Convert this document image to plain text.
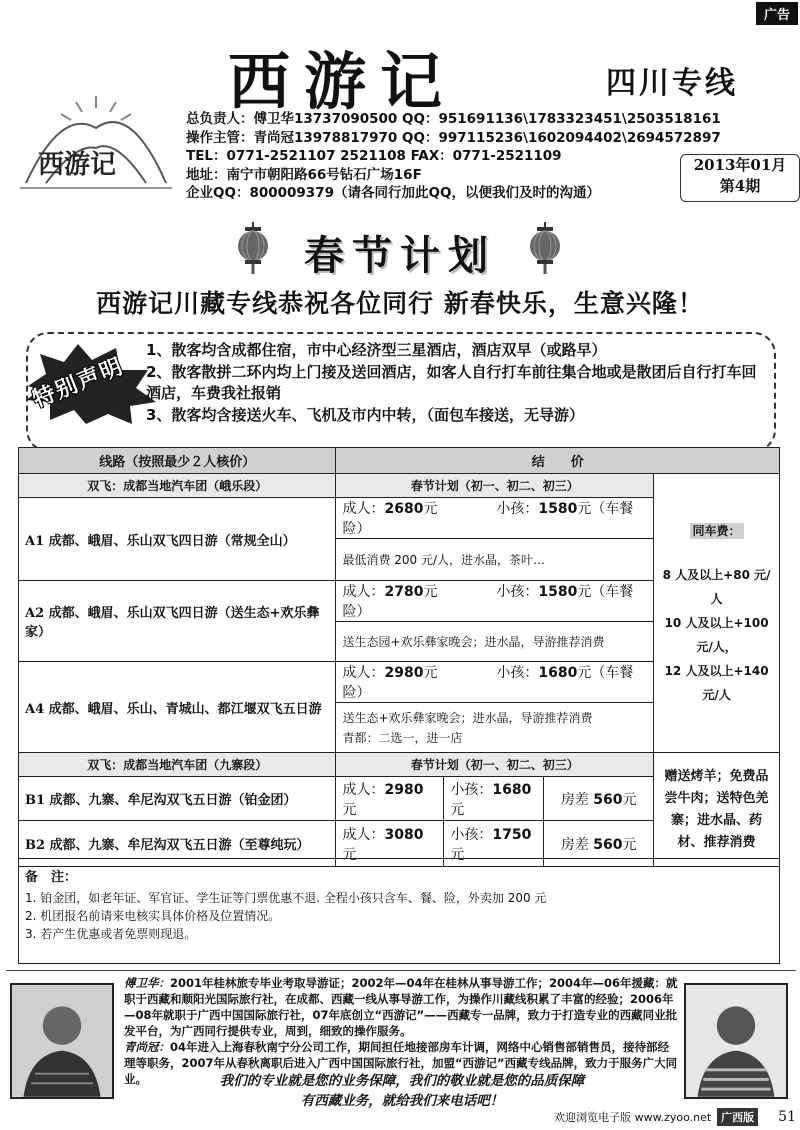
广告
西游记
西游记	四川专线
总负责人：傅卫华13737090500 QQ：951691136\1783323451\2503518161
操作主管：青尚冠13978817970 QQ：997115236\1602094402\2694572897
TEL：0771-2521107 2521108 FAX：0771-2521109
地址：南宁市朝阳路66号钻石广场16F
企业QQ：800009379（请各同行加此QQ，以便我们及时的沟通）
2013年01月
第4期
春节计划
西游记川藏专线恭祝各位同行 新春快乐，生意兴隆！
特别声明
1、散客均含成都住宿，市中心经济型三星酒店，酒店双早（或路早）
2、散客散拼二环内均上门接及送回酒店，如客人自行打车前往集合地或是散团后自行打车回酒店，车费我社报销
3、散客均含接送火车、飞机及市内中转，（面包车接送，无导游）
线路（按照最少２人核价）	结　　价			
双飞：成都当地汽车团（峨乐段）	春节计划（初一、初二、初三）			同车费：
8 人及以上+80 元/人
10 人及以上+100 元/人，
12 人及以上+140 元/人

A1 成都、峨眉、乐山双飞四日游（常规全山）	成人：2680元 小孩：1580元（车餐险）			
	最低消费 200 元/人，进水晶，茶叶…			
A2 成都、峨眉、乐山双飞四日游（送生态+欢乐彝家）	成人：2780元 小孩：1580元（车餐险）			
	送生态园+欢乐彝家晚会；进水晶，导游推荐消费			
A4 成都、峨眉、乐山、青城山、都江堰双飞五日游	成人：2980元 小孩：1680元（车餐险）			

	送生态+欢乐彝家晚会；进水晶，导游推荐消费
青都：二选一，进一店			

双飞：成都当地汽车团（九寨段）	春节计划（初一、初二、初三）			赠送烤羊；免费品尝牛肉；送特色羌寨；进水晶、药材、推荐消费
B1 成都、九寨、牟尼沟双飞五日游（铂金团）	成人：2980元	小孩：1680元	房差 560元	
B2 成都、九寨、牟尼沟双飞五日游（至尊纯玩）	成人：3080元	小孩：1750元	房差 560元	
备　注：
1. 铂金团，如老年证、军官证、学生证等门票优惠不退. 全程小孩只含车、餐、险，外卖加 200 元
2. 机团报名前请来电核实具体价格及位置情况。
3. 若产生优惠或者免票则现退。
傅卫华：2001年桂林旅专毕业考取导游证；2002年—04年在桂林从事导游工作；2004年—06年援藏：就职于西藏和顺阳光国际旅行社，在成都、西藏一线从事导游工作，为操作川藏线积累了丰富的经验；2006年—08年就职于广西中国国际旅行社，07年底创立“西游记”——西藏专一品牌，致力于打造专业的西藏同业批发平台，为广西同行提供专业，周到，细致的操作服务。
青尚冠：04年进入上海春秋南宁分公司工作，期间担任地接部房车计调，网络中心销售部销售员，接待部经理等职务，2007年从春秋离职后进入广西中国国际旅行社，加盟“西游记”西藏专线品牌，致力于服务广大同业。	我们的专业就是您的业务保障，我们的敬业就是您的品质保障
有西藏业务，就给我们来电话吧！
欢迎浏览电子版 www.zyoo.net 广西版 51
